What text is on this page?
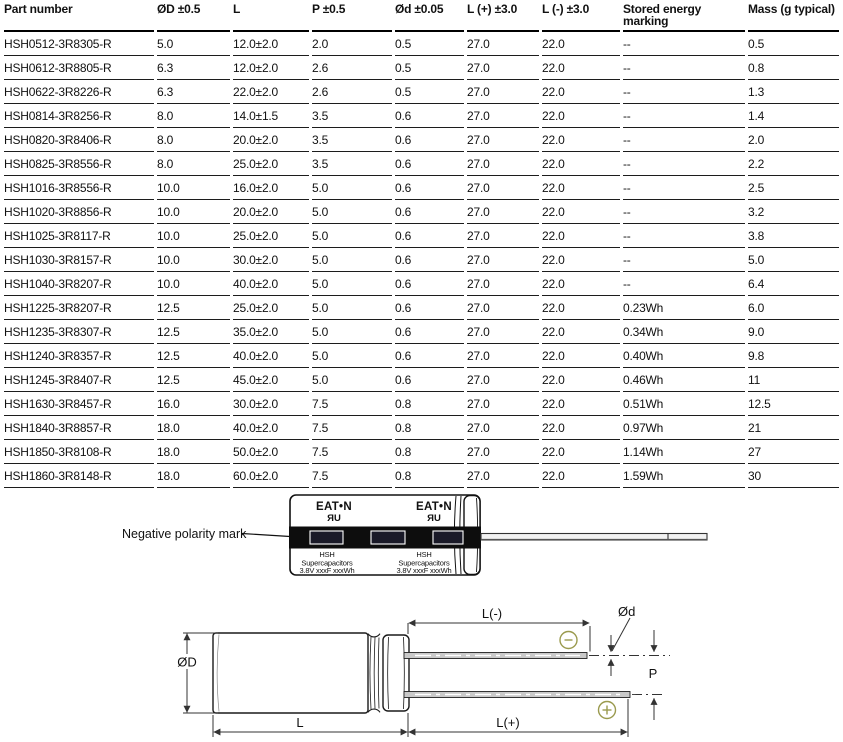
Part number	ØD ±0.5	L	P ±0.5	Ød ±0.05	L (+) ±3.0	L (-) ±3.0	Stored energy marking	Mass (g typical)
HSH0512-3R8305-R	5.0	12.0±2.0	2.0	0.5	27.0	22.0	--	0.5
HSH0612-3R8805-R	6.3	12.0±2.0	2.6	0.5	27.0	22.0	--	0.8
HSH0622-3R8226-R	6.3	22.0±2.0	2.6	0.5	27.0	22.0	--	1.3
HSH0814-3R8256-R	8.0	14.0±1.5	3.5	0.6	27.0	22.0	--	1.4
HSH0820-3R8406-R	8.0	20.0±2.0	3.5	0.6	27.0	22.0	--	2.0
HSH0825-3R8556-R	8.0	25.0±2.0	3.5	0.6	27.0	22.0	--	2.2
HSH1016-3R8556-R	10.0	16.0±2.0	5.0	0.6	27.0	22.0	--	2.5
HSH1020-3R8856-R	10.0	20.0±2.0	5.0	0.6	27.0	22.0	--	3.2
HSH1025-3R8117-R	10.0	25.0±2.0	5.0	0.6	27.0	22.0	--	3.8
HSH1030-3R8157-R	10.0	30.0±2.0	5.0	0.6	27.0	22.0	--	5.0
HSH1040-3R8207-R	10.0	40.0±2.0	5.0	0.6	27.0	22.0	--	6.4
HSH1225-3R8207-R	12.5	25.0±2.0	5.0	0.6	27.0	22.0	0.23Wh	6.0
HSH1235-3R8307-R	12.5	35.0±2.0	5.0	0.6	27.0	22.0	0.34Wh	9.0
HSH1240-3R8357-R	12.5	40.0±2.0	5.0	0.6	27.0	22.0	0.40Wh	9.8
HSH1245-3R8407-R	12.5	45.0±2.0	5.0	0.6	27.0	22.0	0.46Wh	11
HSH1630-3R8457-R	16.0	30.0±2.0	7.5	0.8	27.0	22.0	0.51Wh	12.5
HSH1840-3R8857-R	18.0	40.0±2.0	7.5	0.8	27.0	22.0	0.97Wh	21
HSH1850-3R8108-R	18.0	50.0±2.0	7.5	0.8	27.0	22.0	1.14Wh	27
HSH1860-3R8148-R	18.0	60.0±2.0	7.5	0.8	27.0	22.0	1.59Wh	30
EAT•N	EAT•N
ЯU	ЯU
HSH
Supercapacitors
3.8V xxxF xxxWh
HSH
Supercapacitors
3.8V xxxF xxxWh
Negative polarity mark
ØD
L
L(-)
L(+)
Ød
P
